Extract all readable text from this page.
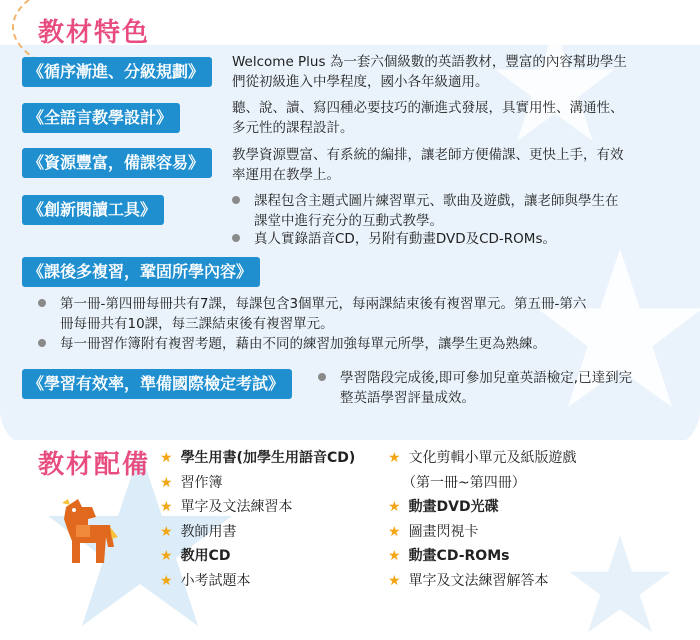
教材特色
《循序漸進、分級規劃》	Welcome Plus 為一套六個級數的英語教材，豐富的內容幫助學生
們從初級進入中學程度，國小各年級適用。
《全語言教學設計》	聽、說、讀、寫四種必要技巧的漸進式發展，具實用性、溝通性、
多元性的課程設計。
《資源豐富，備課容易》	教學資源豐富、有系統的編排，讓老師方便備課、更快上手，有效
率運用在教學上。
《創新閱讀工具》	課程包含主題式圖片練習單元、歌曲及遊戲，讓老師與學生在
課堂中進行充分的互動式教學。
真人實錄語音CD，另附有動畫DVD及CD-ROMs。
《課後多複習，鞏固所學內容》
第一冊-第四冊每冊共有7課，每課包含3個單元，每兩課結束後有複習單元。第五冊-第六
冊每冊共有10課，每三課結束後有複習單元。
每一冊習作簿附有複習考題，藉由不同的練習加強每單元所學，讓學生更為熟練。
《學習有效率，準備國際檢定考試》	學習階段完成後,即可參加兒童英語檢定,已達到完
整英語學習評量成效。
教材配備 ★ 學生用書(加學生用語音CD)
★ 習作簿
★ 單字及文法練習本
★ 教師用書
★ 教用CD
★ 小考試題本
★ 文化剪輯小單元及紙版遊戲
（第一冊~第四冊）
★ 動畫DVD光碟
★ 圖畫閃視卡
★ 動畫CD-ROMs
★ 單字及文法練習解答本
